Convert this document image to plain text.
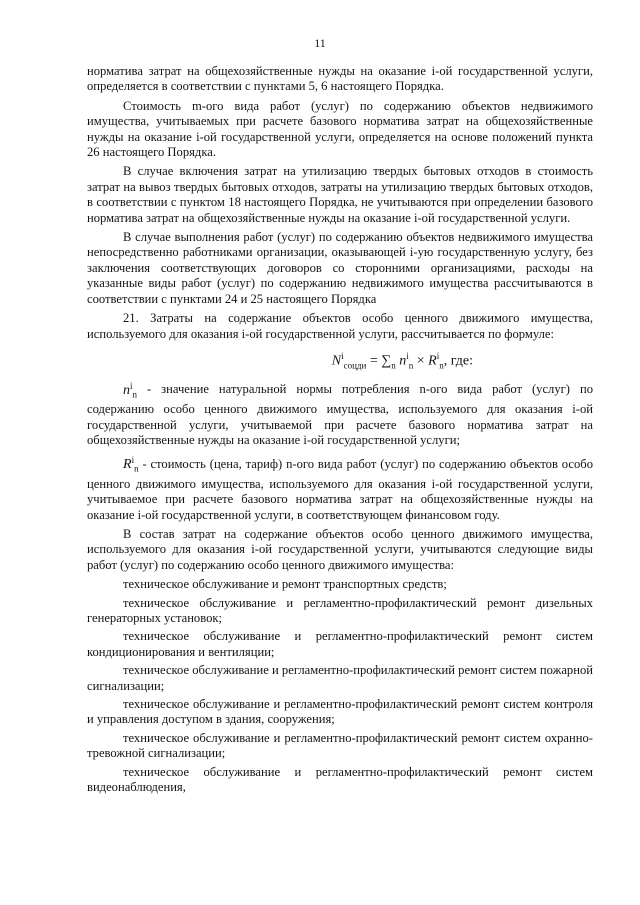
11

норматива затрат на общехозяйственные нужды на оказание i-ой государственной услуги, определяется в соответствии с пунктами 5, 6 настоящего Порядка.

Стоимость m-ого вида работ (услуг) по содержанию объектов недвижимого имущества, учитываемых при расчете базового норматива затрат на общехозяйственные нужды на оказание i-ой государственной услуги, определяется на основе положений пункта 26 настоящего Порядка.

В случае включения затрат на утилизацию твердых бытовых отходов в стоимость затрат на вывоз твердых бытовых отходов, затраты на утилизацию твердых бытовых отходов, в соответствии с пунктом 18 настоящего Порядка, не учитываются при определении базового норматива затрат на общехозяйственные нужды на оказание i-ой государственной услуги.

В случае выполнения работ (услуг) по содержанию объектов недвижимого имущества непосредственно работниками организации, оказывающей i-ую государственную услугу, без заключения соответствующих договоров со сторонними организациями, расходы на указанные виды работ (услуг) по содержанию недвижимого имущества рассчитываются в соответствии с пунктами 24 и 25 настоящего Порядка

21. Затраты на содержание объектов особо ценного движимого имущества, используемого для оказания i-ой государственной услуги, рассчитывается по формуле:

$N^i_{соцди} = \sum_n$ $n^i_n \times R^i_n$, где:

$n^i_n$ - значение натуральной нормы потребления n-ого вида работ (услуг) по содержанию особо ценного движимого имущества, используемого для оказания i-ой государственной услуги, учитываемой при расчете базового норматива затрат на общехозяйственные нужды на оказание i-ой государственной услуги;

$R^i_n$ - стоимость (цена, тариф) n-ого вида работ (услуг) по содержанию объектов особо ценного движимого имущества, используемого для оказания i-ой государственной услуги, учитываемое при расчете базового норматива затрат на общехозяйственные нужды на оказание i-ой государственной услуги, в соответствующем финансовом году.

В состав затрат на содержание объектов особо ценного движимого имущества, используемого для оказания i-ой государственной услуги, учитываются следующие виды работ (услуг) по содержанию особо ценного движимого имущества:

техническое обслуживание и ремонт транспортных средств;

техническое обслуживание и регламентно-профилактический ремонт дизельных генераторных установок;

техническое обслуживание и регламентно-профилактический ремонт систем кондиционирования и вентиляции;

техническое обслуживание и регламентно-профилактический ремонт систем пожарной сигнализации;

техническое обслуживание и регламентно-профилактический ремонт систем контроля и управления доступом в здания, сооружения;

техническое обслуживание и регламентно-профилактический ремонт систем охранно-тревожной сигнализации;

техническое обслуживание и регламентно-профилактический ремонт систем видеонаблюдения,
